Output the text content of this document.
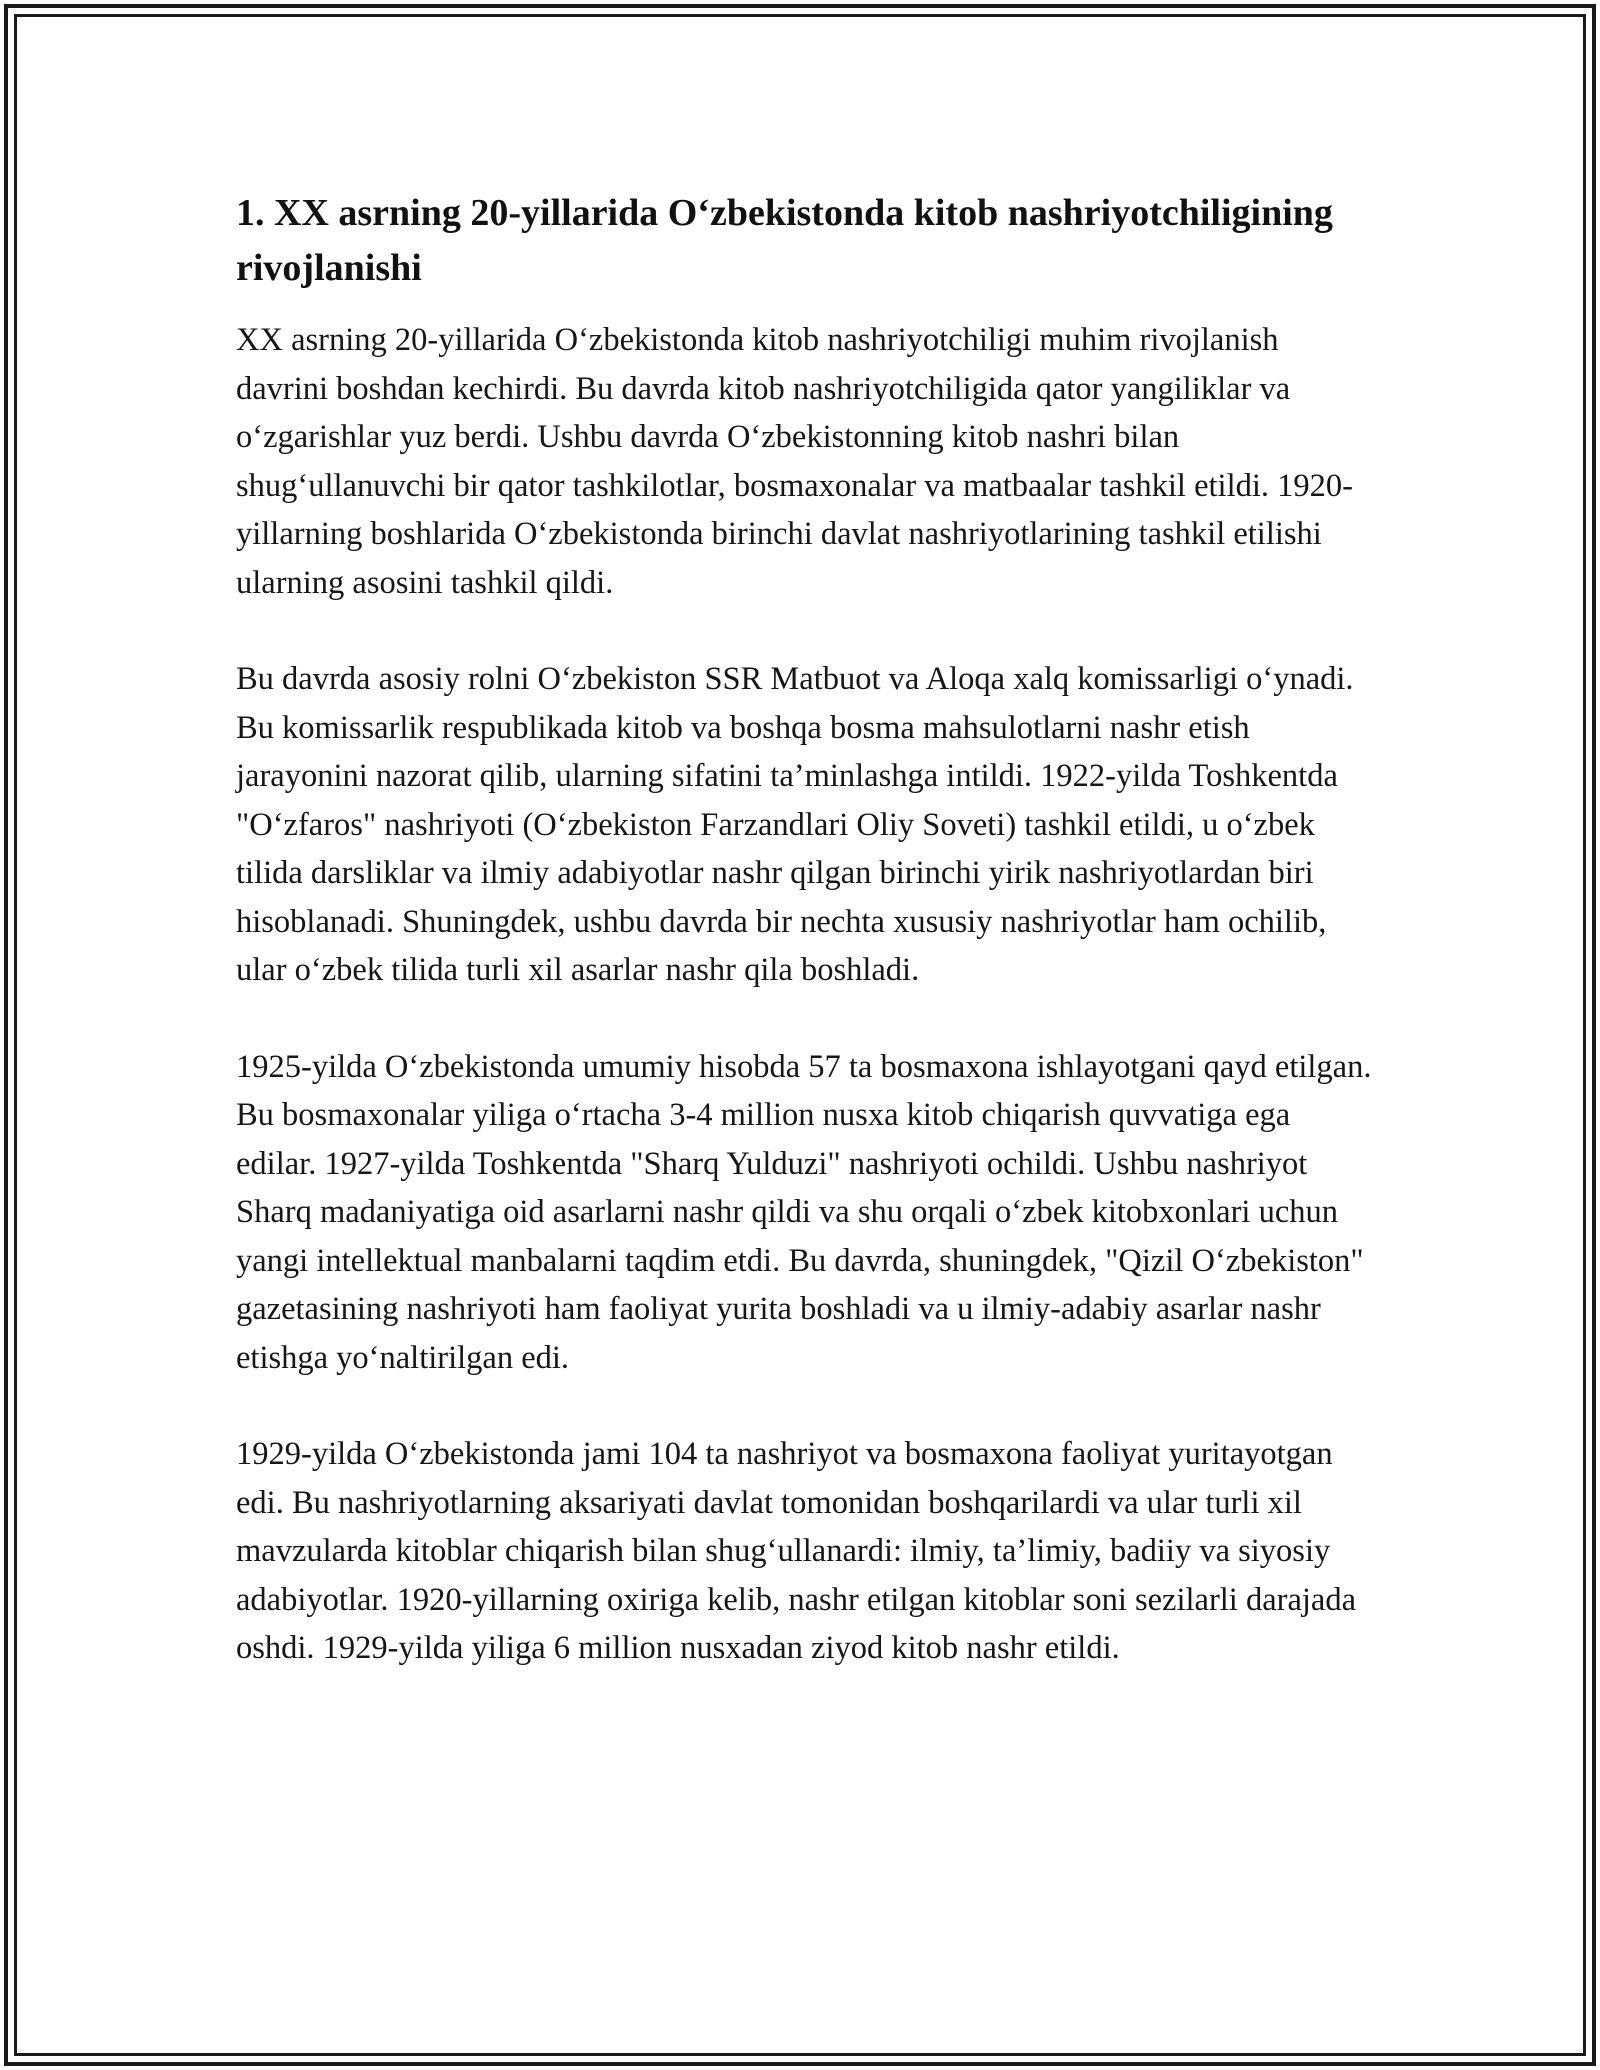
1. XX asrning 20-yillarida O‘zbekistonda kitob nashriyotchiligining rivojlanishi

XX asrning 20-yillarida O‘zbekistonda kitob nashriyotchiligi muhim rivojlanish davrini boshdan kechirdi. Bu davrda kitob nashriyotchiligida qator yangiliklar va o‘zgarishlar yuz berdi. Ushbu davrda O‘zbekistonning kitob nashri bilan shug‘ullanuvchi bir qator tashkilotlar, bosmaxonalar va matbaalar tashkil etildi. 1920-yillarning boshlarida O‘zbekistonda birinchi davlat nashriyotlarining tashkil etilishi ularning asosini tashkil qildi.

Bu davrda asosiy rolni O‘zbekiston SSR Matbuot va Aloqa xalq komissarligi o‘ynadi. Bu komissarlik respublikada kitob va boshqa bosma mahsulotlarni nashr etish jarayonini nazorat qilib, ularning sifatini ta’minlashga intildi. 1922-yilda Toshkentda "O‘zfaros" nashriyoti (O‘zbekiston Farzandlari Oliy Soveti) tashkil etildi, u o‘zbek tilida darsliklar va ilmiy adabiyotlar nashr qilgan birinchi yirik nashriyotlardan biri hisoblanadi. Shuningdek, ushbu davrda bir nechta xususiy nashriyotlar ham ochilib, ular o‘zbek tilida turli xil asarlar nashr qila boshladi.

1925-yilda O‘zbekistonda umumiy hisobda 57 ta bosmaxona ishlayotgani qayd etilgan. Bu bosmaxonalar yiliga o‘rtacha 3-4 million nusxa kitob chiqarish quvvatiga ega edilar. 1927-yilda Toshkentda "Sharq Yulduzi" nashriyoti ochildi. Ushbu nashriyot Sharq madaniyatiga oid asarlarni nashr qildi va shu orqali o‘zbek kitobxonlari uchun yangi intellektual manbalarni taqdim etdi. Bu davrda, shuningdek, "Qizil O‘zbekiston" gazetasining nashriyoti ham faoliyat yurita boshladi va u ilmiy-adabiy asarlar nashr etishga yo‘naltirilgan edi.

1929-yilda O‘zbekistonda jami 104 ta nashriyot va bosmaxona faoliyat yuritayotgan edi. Bu nashriyotlarning aksariyati davlat tomonidan boshqarilardi va ular turli xil mavzularda kitoblar chiqarish bilan shug‘ullanardi: ilmiy, ta’limiy, badiiy va siyosiy adabiyotlar. 1920-yillarning oxiriga kelib, nashr etilgan kitoblar soni sezilarli darajada oshdi. 1929-yilda yiliga 6 million nusxadan ziyod kitob nashr etildi.
